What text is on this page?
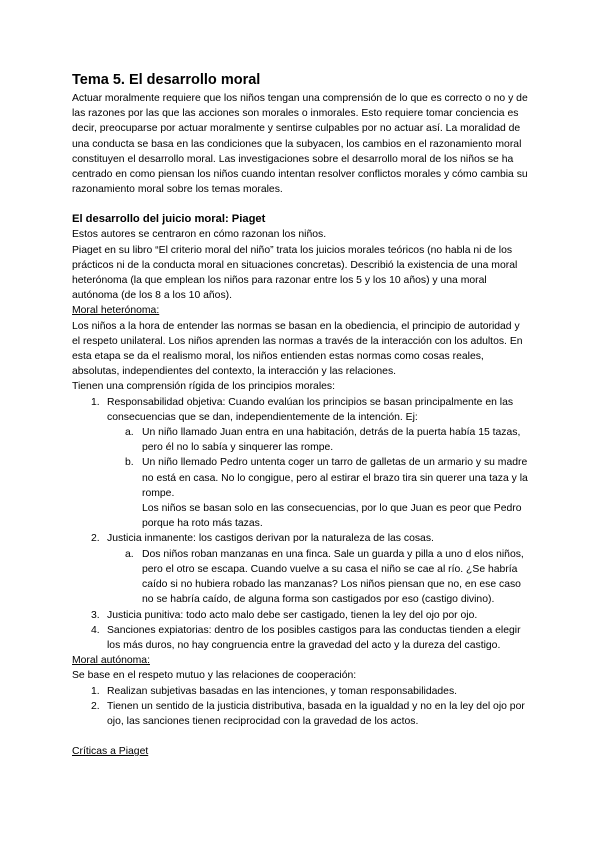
Tema 5. El desarrollo moral

Actuar moralmente requiere que los niños tengan una comprensión de lo que es correcto o no y de las razones por las que las acciones son morales o inmorales. Esto requiere tomar conciencia es decir, preocuparse por actuar moralmente y sentirse culpables por no actuar así. La moralidad de una conducta se basa en las condiciones que la subyacen, los cambios en el razonamiento moral constituyen el desarrollo moral. Las investigaciones sobre el desarrollo moral de los niños se ha centrado en como piensan los niños cuando intentan resolver conflictos morales y cómo cambia su razonamiento moral sobre los temas morales.

El desarrollo del juicio moral: Piaget

Estos autores se centraron en cómo razonan los niños.

Piaget en su libro “El criterio moral del niño” trata los juicios morales teóricos (no habla ni de los prácticos ni de la conducta moral en situaciones concretas). Describió la existencia de una moral heterónoma (la que emplean los niños para razonar entre los 5 y los 10 años) y una moral autónoma (de los 8 a los 10 años).

Moral heterónoma:

Los niños a la hora de entender las normas se basan en la obediencia, el principio de autoridad y el respeto unilateral. Los niños aprenden las normas a través de la interacción con los adultos. En esta etapa se da el realismo moral, los niños entienden estas normas como cosas reales, absolutas, independientes del contexto, la interacción y las relaciones.

Tienen una comprensión rígida de los principios morales:

1. Responsabilidad objetiva: Cuando evalúan los principios se basan principalmente en las consecuencias que se dan, independientemente de la intención. Ej:
a. Un niño llamado Juan entra en una habitación, detrás de la puerta había 15 tazas, pero él no lo sabía y sinquerer las rompe.
b. Un niño llemado Pedro untenta coger un tarro de galletas de un armario y su madre no está en casa. No lo congigue, pero al estirar el brazo tira sin querer una taza y la rompe.
Los niños se basan solo en las consecuencias, por lo que Juan es peor que Pedro porque ha roto más tazas.
2. Justicia inmanente: los castigos derivan por la naturaleza de las cosas.
a. Dos niños roban manzanas en una finca. Sale un guarda y pilla a uno d elos niños, pero el otro se escapa. Cuando vuelve a su casa el niño se cae al río. ¿Se habría caído si no hubiera robado las manzanas? Los niños piensan que no, en ese caso no se habría caído, de alguna forma son castigados por eso (castigo divino).
3. Justicia punitiva: todo acto malo debe ser castigado, tienen la ley del ojo por ojo.
4. Sanciones expiatorias: dentro de los posibles castigos para las conductas tienden a elegir los más duros, no hay congruencia entre la gravedad del acto y la dureza del castigo.

Moral autónoma:

Se base en el respeto mutuo y las relaciones de cooperación:

1. Realizan subjetivas basadas en las intenciones, y toman responsabilidades.
2. Tienen un sentido de la justicia distributiva, basada en la igualdad y no en la ley del ojo por ojo, las sanciones tienen reciprocidad con la gravedad de los actos.

Críticas a Piaget
